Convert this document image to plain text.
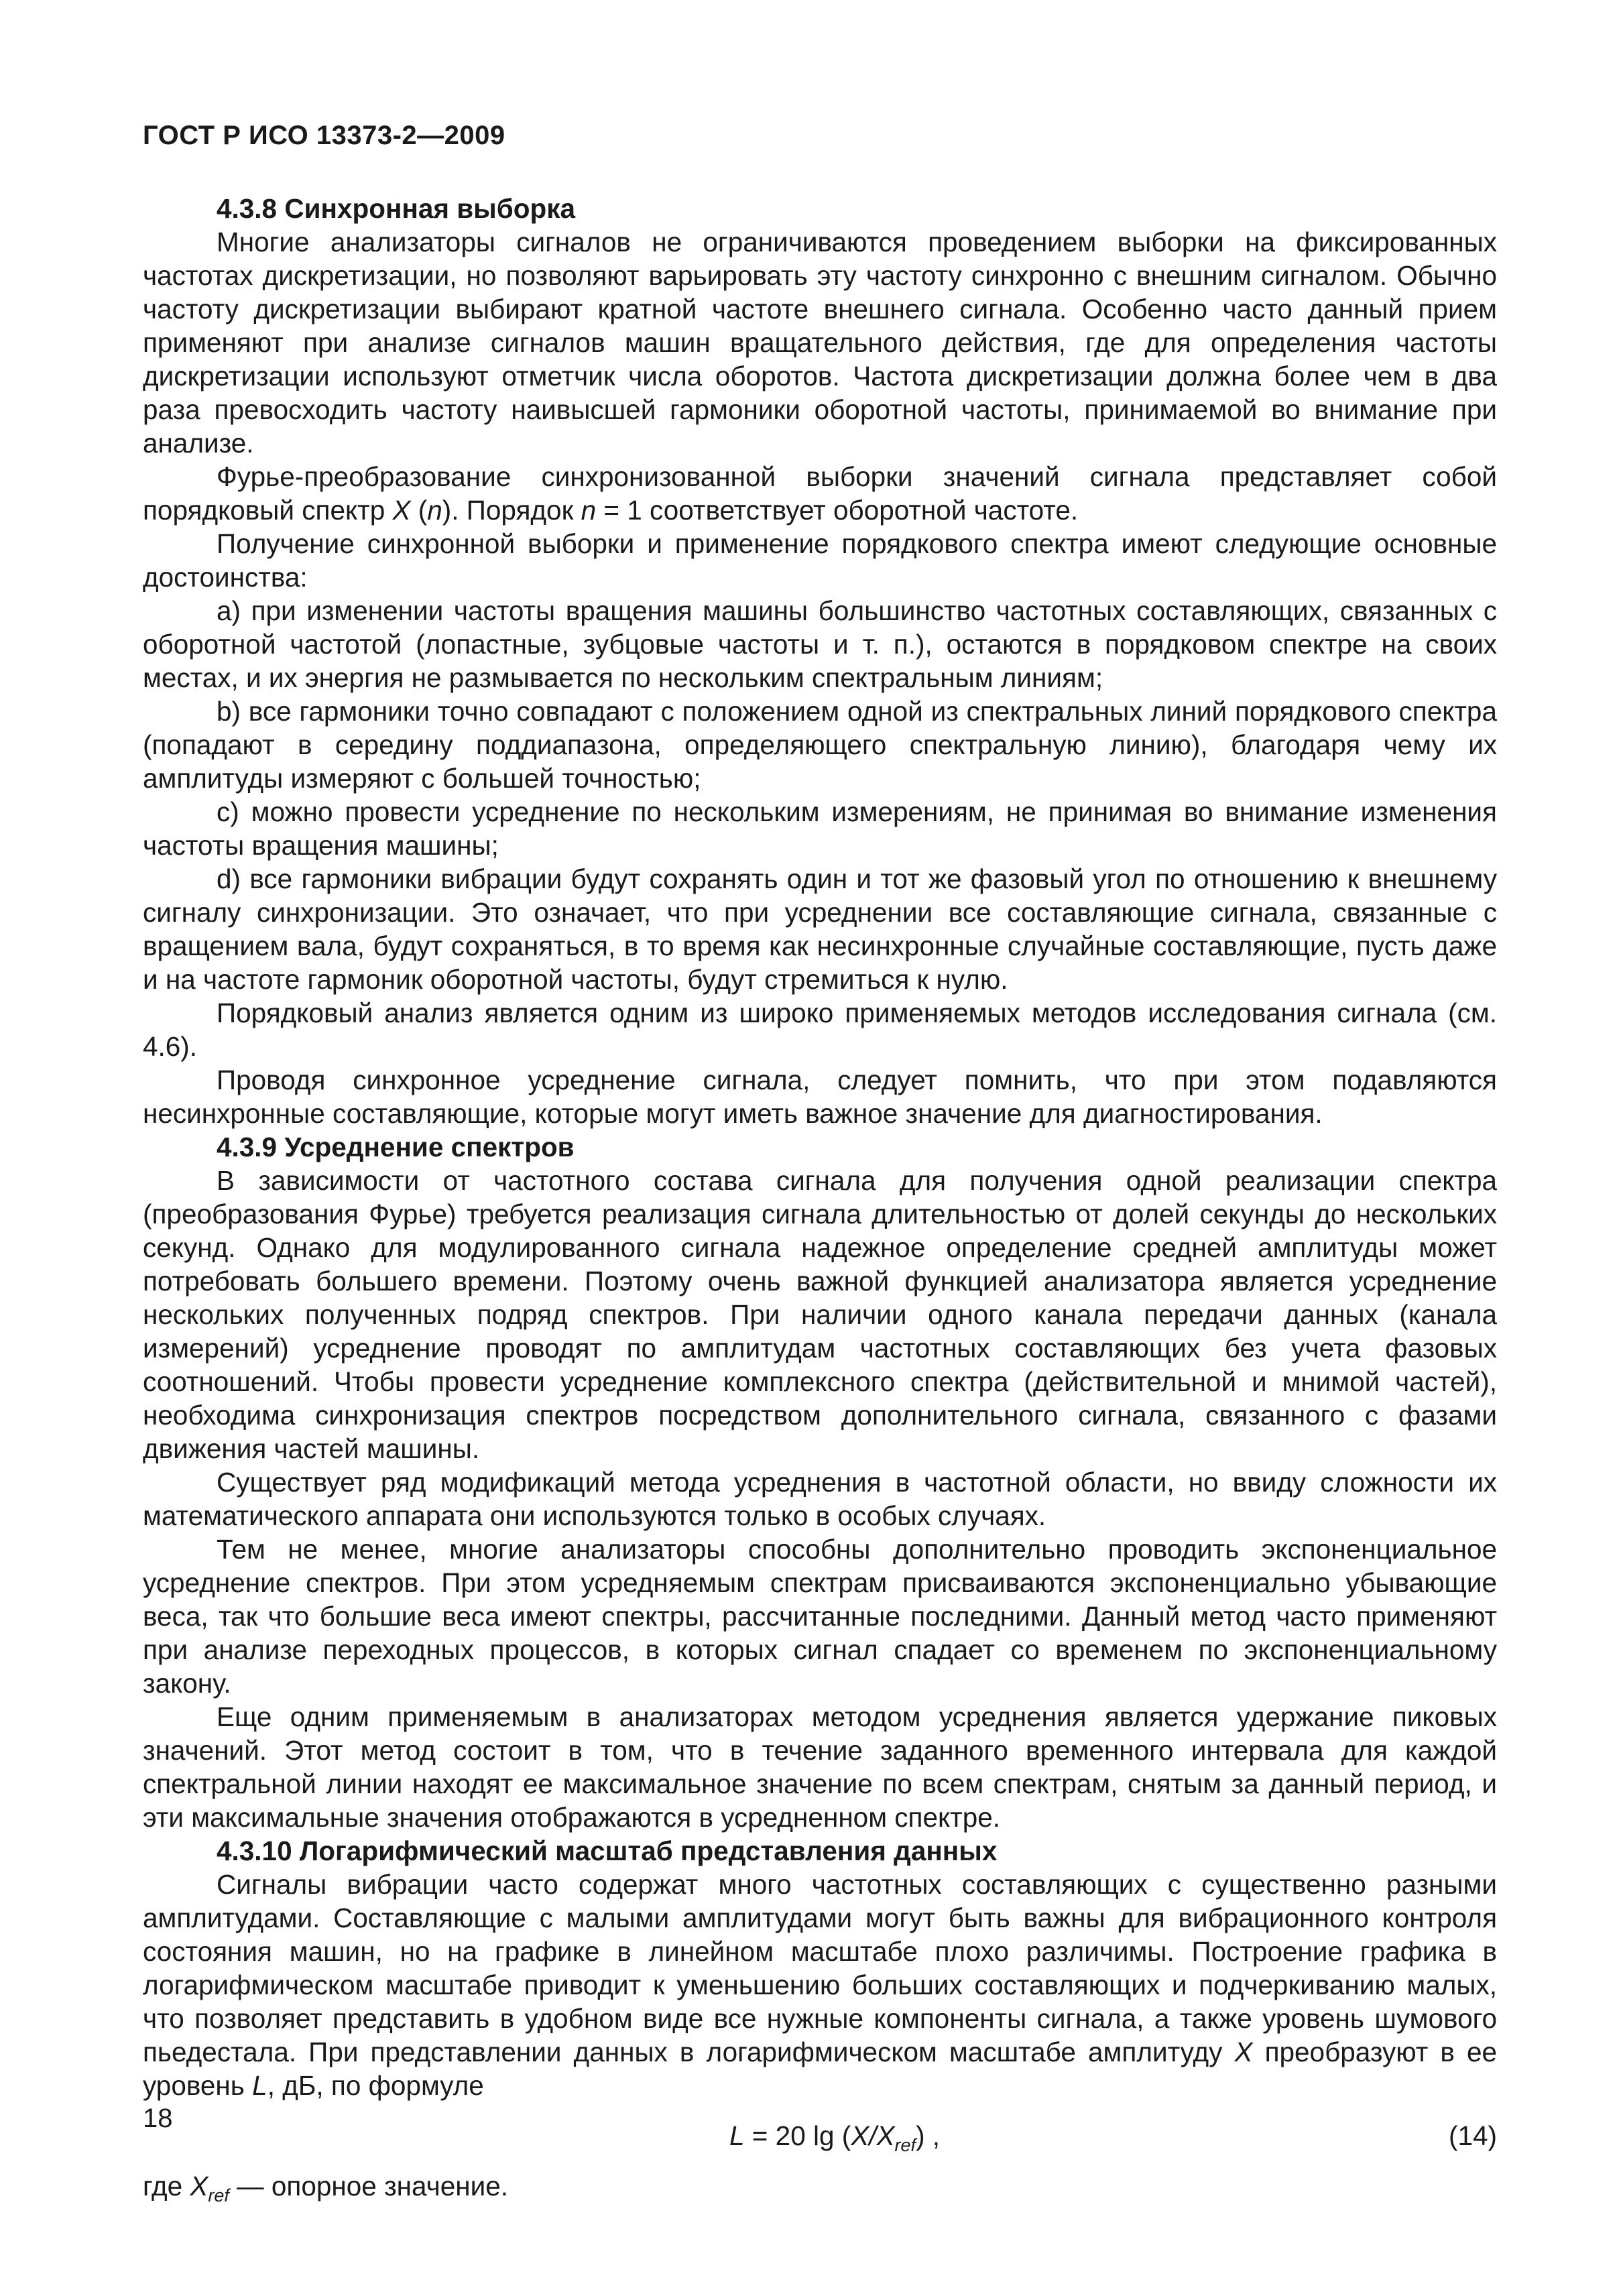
ГОСТ Р ИСО 13373-2—2009
4.3.8 Синхронная выборка

Многие анализаторы сигналов не ограничиваются проведением выборки на фиксированных частотах дискретизации, но позволяют варьировать эту частоту синхронно с внешним сигналом. Обычно частоту дискретизации выбирают кратной частоте внешнего сигнала. Особенно часто данный прием применяют при анализе сигналов машин вращательного действия, где для определения частоты дискретизации используют отметчик числа оборотов. Частота дискретизации должна более чем в два раза превосходить частоту наивысшей гармоники оборотной частоты, принимаемой во внимание при анализе.

Фурье-преобразование синхронизованной выборки значений сигнала представляет собой порядковый спектр X (n). Порядок n = 1 соответствует оборотной частоте.

Получение синхронной выборки и применение порядкового спектра имеют следующие основные достоинства:

a) при изменении частоты вращения машины большинство частотных составляющих, связанных с оборотной частотой (лопастные, зубцовые частоты и т. п.), остаются в порядковом спектре на своих местах, и их энергия не размывается по нескольким спектральным линиям;

b) все гармоники точно совпадают с положением одной из спектральных линий порядкового спектра (попадают в середину поддиапазона, определяющего спектральную линию), благодаря чему их амплитуды измеряют с большей точностью;

c) можно провести усреднение по нескольким измерениям, не принимая во внимание изменения частоты вращения машины;

d) все гармоники вибрации будут сохранять один и тот же фазовый угол по отношению к внешнему сигналу синхронизации. Это означает, что при усреднении все составляющие сигнала, связанные с вращением вала, будут сохраняться, в то время как несинхронные случайные составляющие, пусть даже и на частоте гармоник оборотной частоты, будут стремиться к нулю.

Порядковый анализ является одним из широко применяемых методов исследования сигнала (см. 4.6).

Проводя синхронное усреднение сигнала, следует помнить, что при этом подавляются несинхронные составляющие, которые могут иметь важное значение для диагностирования.

4.3.9 Усреднение спектров

В зависимости от частотного состава сигнала для получения одной реализации спектра (преобразования Фурье) требуется реализация сигнала длительностью от долей секунды до нескольких секунд. Однако для модулированного сигнала надежное определение средней амплитуды может потребовать большего времени. Поэтому очень важной функцией анализатора является усреднение нескольких полученных подряд спектров. При наличии одного канала передачи данных (канала измерений) усреднение проводят по амплитудам частотных составляющих без учета фазовых соотношений. Чтобы провести усреднение комплексного спектра (действительной и мнимой частей), необходима синхронизация спектров посредством дополнительного сигнала, связанного с фазами движения частей машины.

Существует ряд модификаций метода усреднения в частотной области, но ввиду сложности их математического аппарата они используются только в особых случаях.

Тем не менее, многие анализаторы способны дополнительно проводить экспоненциальное усреднение спектров. При этом усредняемым спектрам присваиваются экспоненциально убывающие веса, так что большие веса имеют спектры, рассчитанные последними. Данный метод часто применяют при анализе переходных процессов, в которых сигнал спадает со временем по экспоненциальному закону.

Еще одним применяемым в анализаторах методом усреднения является удержание пиковых значений. Этот метод состоит в том, что в течение заданного временного интервала для каждой спектральной линии находят ее максимальное значение по всем спектрам, снятым за данный период, и эти максимальные значения отображаются в усредненном спектре.

4.3.10 Логарифмический масштаб представления данных

Сигналы вибрации часто содержат много частотных составляющих с существенно разными амплитудами. Составляющие с малыми амплитудами могут быть важны для вибрационного контроля состояния машин, но на графике в линейном масштабе плохо различимы. Построение графика в логарифмическом масштабе приводит к уменьшению больших составляющих и подчеркиванию малых, что позволяет представить в удобном виде все нужные компоненты сигнала, а также уровень шумового пьедестала. При представлении данных в логарифмическом масштабе амплитуду X преобразуют в ее уровень L, дБ, по формуле

L = 20 $\lg (X/X_{ref})$ ,	(14)

где $X_{ref}$ — опорное значение.

18
